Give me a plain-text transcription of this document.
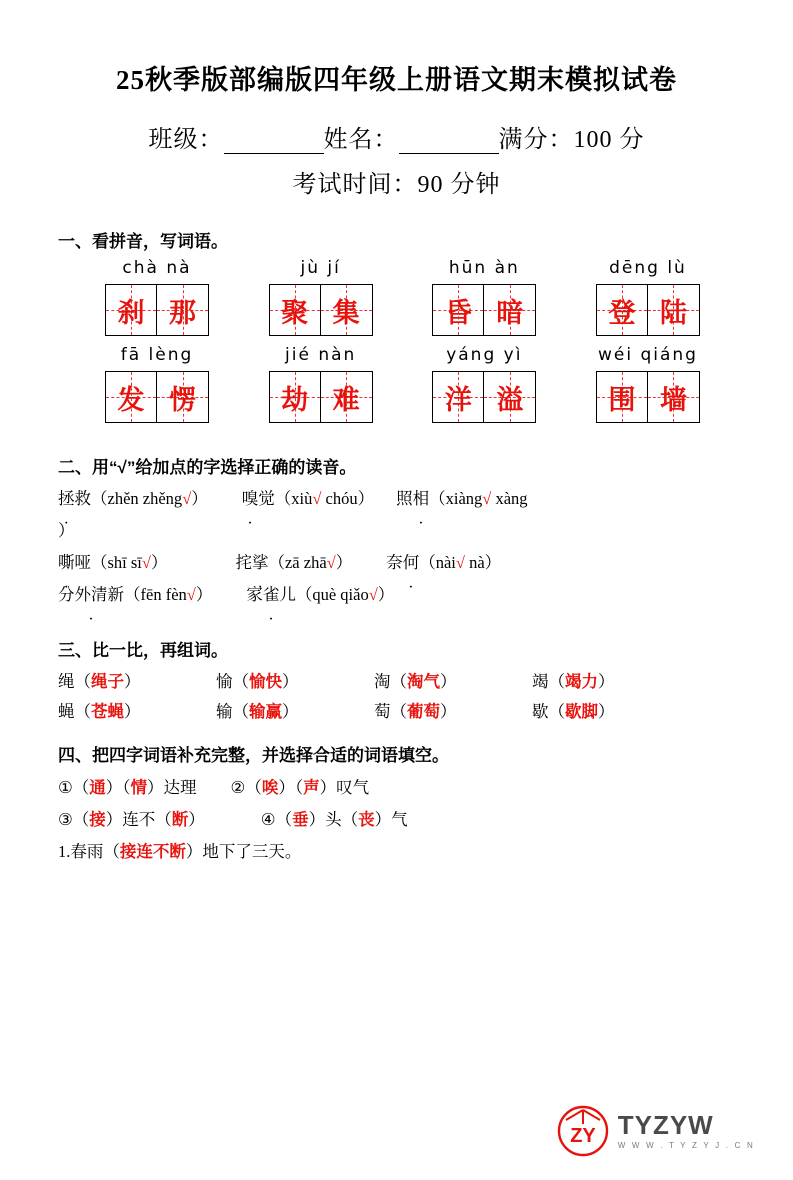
25秋季版部编版四年级上册语文期末模拟试卷
班级：	姓名：	满分：100 分
考试时间：90 分钟
一、看拼音，写词语。
chà nà	jù jí	hūn àn	dēng lù
刹 那	聚 集	昏 暗	登 陆
fā lèng	jié nàn	yáng yì	wéi qiáng
发 愣	劫 难	洋 溢	围 墙
二、用“√”给加点的字选择正确的读音。
拯救（zhěn zhěng√） 嗅觉（xiù√ chóu） 照相（xiàng√ xàng
）
嘶哑（shī sī√）	挓挲（zā zhā√） 奈何（nài√ nà）
分外清新（fēn fèn√） 家雀儿（què qiǎo√）
三、比一比，再组词。
绳（绳子）	愉（愉快）	淘（淘气）	竭（竭力）
蝇（苍蝇）	输（输赢）	萄（葡萄）	歇（歇脚）
四、把四字词语补充完整，并选择合适的词语填空。
①（通）（情）达理 ②（唉）（声）叹气
③（接）连不（断）	④（垂）头（丧）气
1.春雨（接连不断）地下了三天。
ZY TYZYW
W W W . T Y Z Y J . C N
